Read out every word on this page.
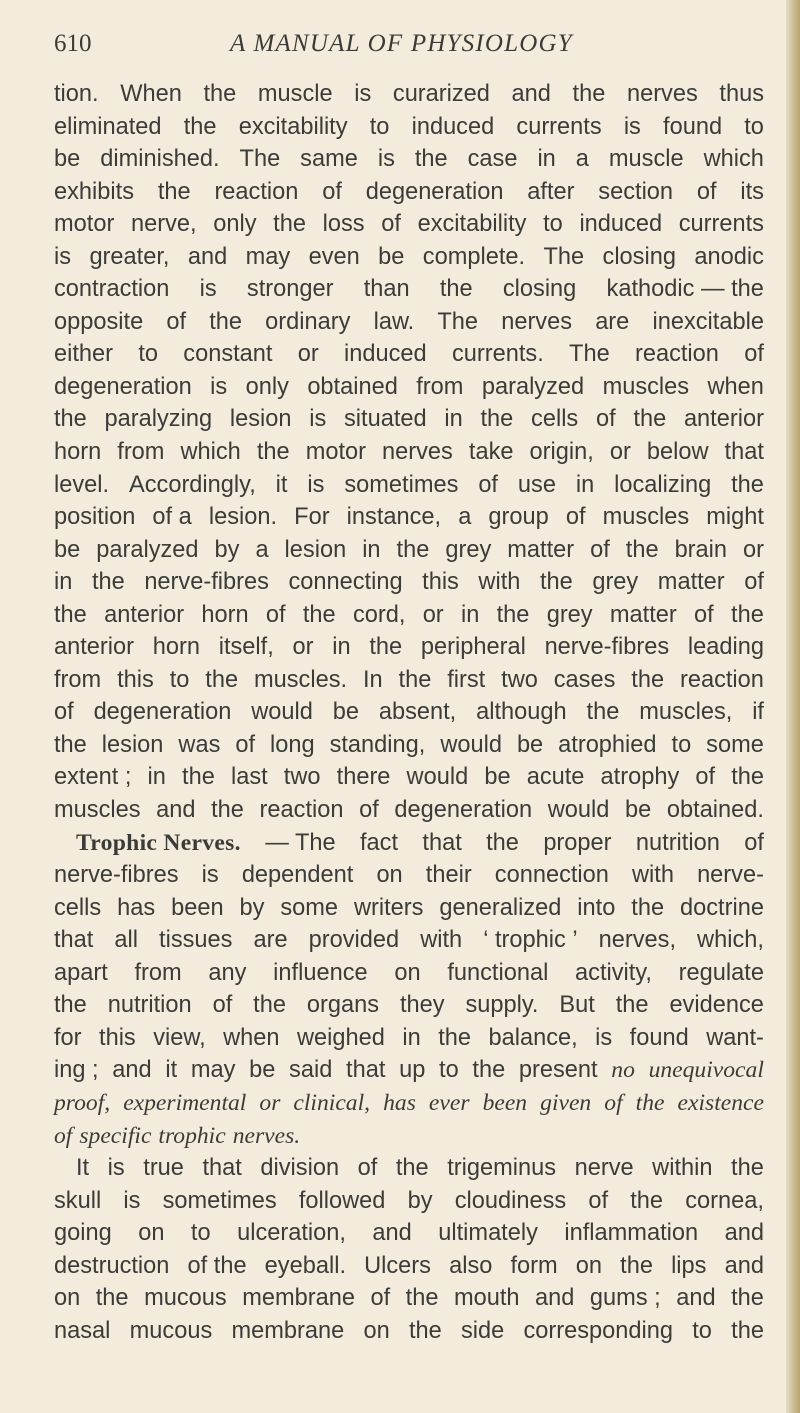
610	A MANUAL OF PHYSIOLOGY
tion. When the muscle is curarized and the nerves thus
eliminated the excitability to induced currents is found to
be diminished. The same is the case in a muscle which
exhibits the reaction of degeneration after section of its
motor nerve, only the loss of excitability to induced currents
is greater, and may even be complete. The closing anodic
contraction is stronger than the closing kathodic — the
opposite of the ordinary law. The nerves are inexcitable
either to constant or induced currents. The reaction of
degeneration is only obtained from paralyzed muscles when
the paralyzing lesion is situated in the cells of the anterior
horn from which the motor nerves take origin, or below that
level. Accordingly, it is sometimes of use in localizing the
position of a lesion. For instance, a group of muscles might
be paralyzed by a lesion in the grey matter of the brain or
in the nerve-fibres connecting this with the grey matter of
the anterior horn of the cord, or in the grey matter of the
anterior horn itself, or in the peripheral nerve-fibres leading
from this to the muscles. In the first two cases the reaction
of degeneration would be absent, although the muscles, if
the lesion was of long standing, would be atrophied to some
extent ; in the last two there would be acute atrophy of the
muscles and the reaction of degeneration would be obtained.
Trophic Nerves. — The fact that the proper nutrition of
nerve-fibres is dependent on their connection with nerve-
cells has been by some writers generalized into the doctrine
that all tissues are provided with ‘ trophic ’ nerves, which,
apart from any influence on functional activity, regulate
the nutrition of the organs they supply. But the evidence
for this view, when weighed in the balance, is found want-
ing ; and it may be said that up to the present no unequivocal
proof, experimental or clinical, has ever been given of the existence
of specific trophic nerves.
It is true that division of the trigeminus nerve within the
skull is sometimes followed by cloudiness of the cornea,
going on to ulceration, and ultimately inflammation and
destruction of the eyeball. Ulcers also form on the lips and
on the mucous membrane of the mouth and gums ; and the
nasal mucous membrane on the side corresponding to the
